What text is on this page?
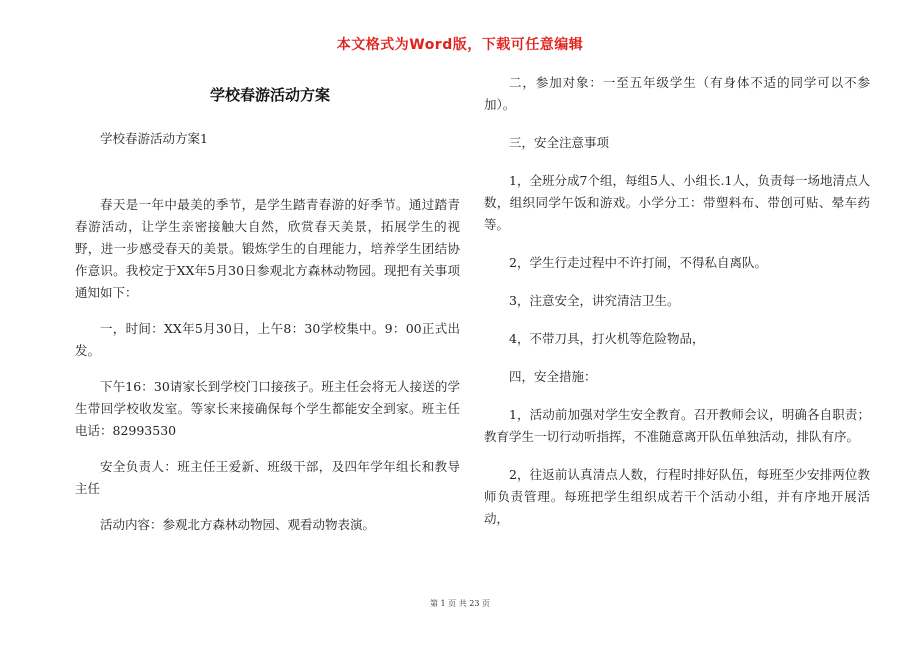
本文格式为Word版，下载可任意编辑
学校春游活动方案

学校春游活动方案1

春天是一年中最美的季节，是学生踏青春游的好季节。通过踏青春游活动，让学生亲密接触大自然，欣赏春天美景，拓展学生的视野，进一步感受春天的美景。锻炼学生的自理能力，培养学生团结协作意识。我校定于XX年5月30日参观北方森林动物园。现把有关事项通知如下：

一，时间：XX年5月30日，上午8：30学校集中。9：00正式出发。

下午16：30请家长到学校门口接孩子。班主任会将无人接送的学生带回学校收发室。等家长来接确保每个学生都能安全到家。班主任电话：82993530

安全负责人：班主任王爱新、班级干部，及四年学年组长和教导主任

活动内容：参观北方森林动物园、观看动物表演。

二，参加对象：一至五年级学生（有身体不适的同学可以不参加）。

三，安全注意事项

1，全班分成7个组，每组5人、小组长.1人，负责每一场地清点人数，组织同学午饭和游戏。小学分工：带塑料布、带创可贴、晕车药等。

2，学生行走过程中不许打闹，不得私自离队。

3，注意安全，讲究清洁卫生。

4，不带刀具，打火机等危险物品，

四，安全措施：

1，活动前加强对学生安全教育。召开教师会议，明确各自职责；教育学生一切行动听指挥，不准随意离开队伍单独活动，排队有序。

2，往返前认真清点人数，行程时排好队伍，每班至少安排两位教师负责管理。每班把学生组织成若干个活动小组，并有序地开展活动，

第 1 页 共 23 页
